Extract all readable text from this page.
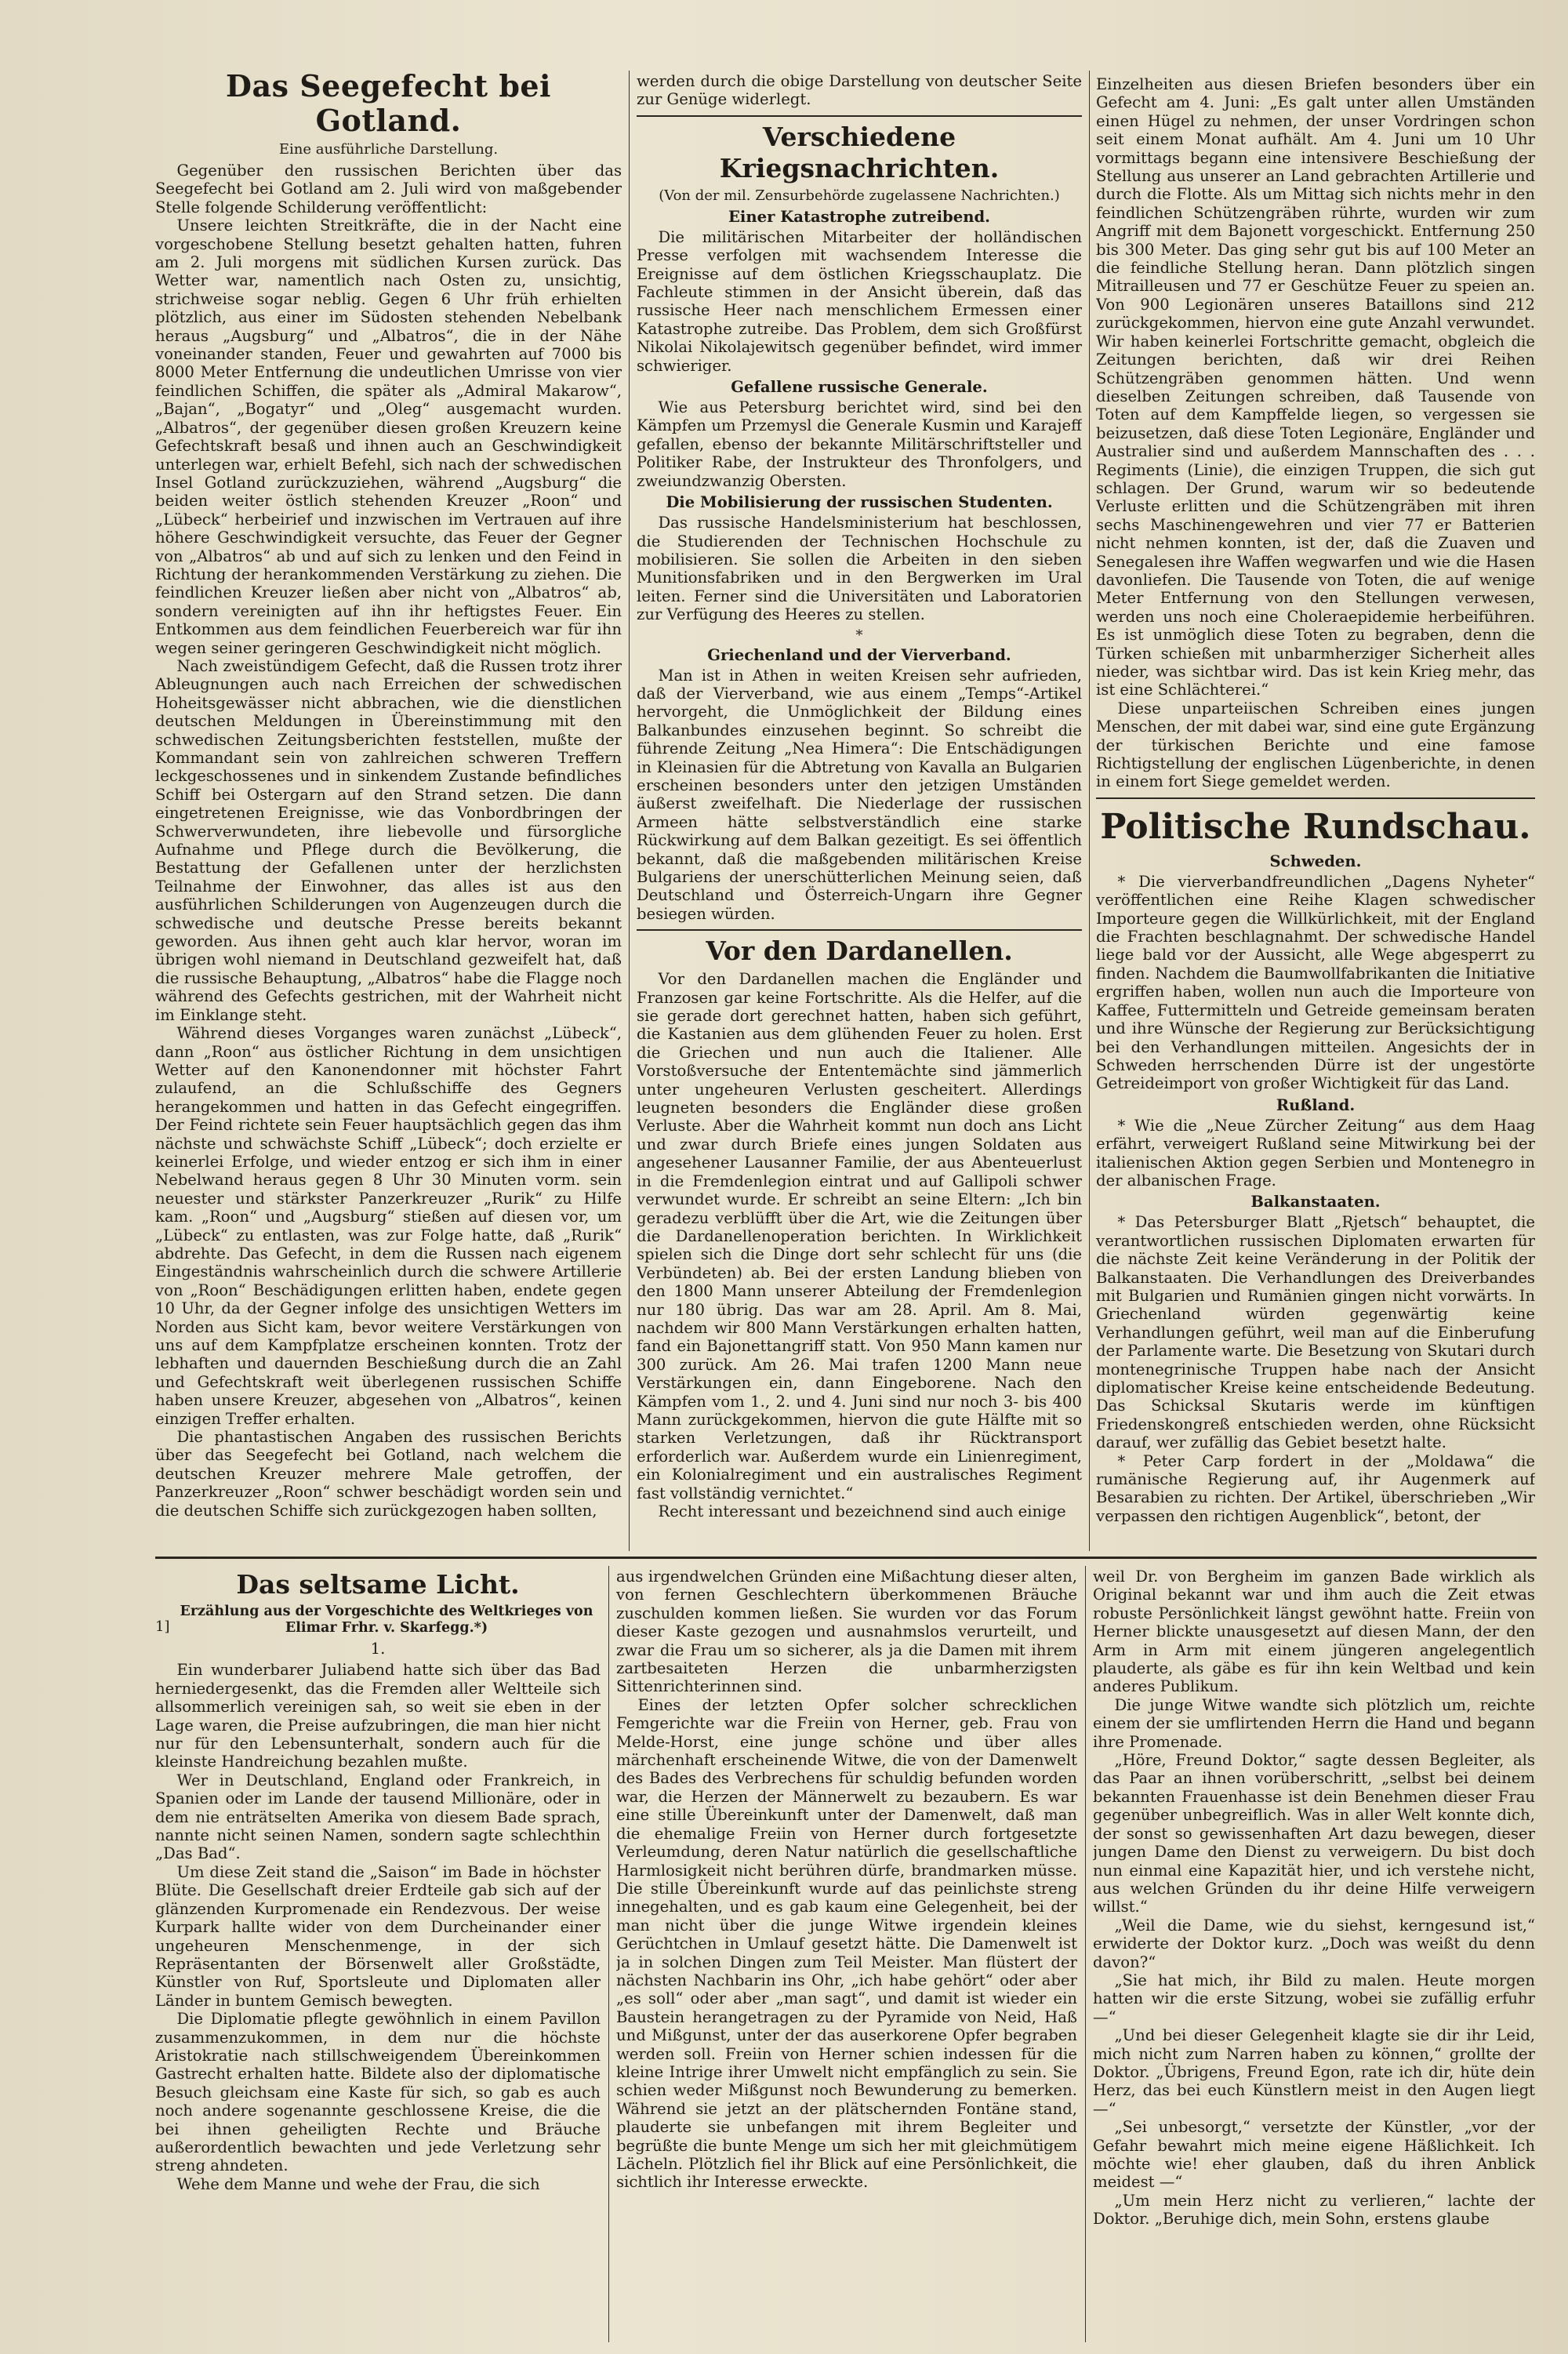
Das Seegefecht bei Gotland.
Eine ausführliche Darstellung.

Gegenüber den russischen Berichten über das Seegefecht bei Gotland am 2. Juli wird von maßgebender Stelle folgende Schilderung veröffentlicht:

Unsere leichten Streitkräfte, die in der Nacht eine vorgeschobene Stellung besetzt gehalten hatten, fuhren am 2. Juli morgens mit südlichen Kursen zurück. Das Wetter war, namentlich nach Osten zu, unsichtig, strichweise sogar neblig. Gegen 6 Uhr früh erhielten plötzlich, aus einer im Südosten stehenden Nebelbank heraus „Augsburg“ und „Albatros“, die in der Nähe voneinander standen, Feuer und gewahrten auf 7000 bis 8000 Meter Entfernung die undeutlichen Umrisse von vier feindlichen Schiffen, die später als „Admiral Makarow“, „Bajan“, „Bogatyr“ und „Oleg“ ausgemacht wurden. „Albatros“, der gegenüber diesen großen Kreuzern keine Gefechtskraft besaß und ihnen auch an Geschwindigkeit unterlegen war, erhielt Befehl, sich nach der schwedischen Insel Gotland zurückzuziehen, während „Augsburg“ die beiden weiter östlich stehenden Kreuzer „Roon“ und „Lübeck“ herbeirief und inzwischen im Vertrauen auf ihre höhere Geschwindigkeit versuchte, das Feuer der Gegner von „Albatros“ ab und auf sich zu lenken und den Feind in Richtung der herankommenden Verstärkung zu ziehen. Die feindlichen Kreuzer ließen aber nicht von „Albatros“ ab, sondern vereinigten auf ihn ihr heftigstes Feuer. Ein Entkommen aus dem feindlichen Feuerbereich war für ihn wegen seiner geringeren Geschwindigkeit nicht möglich.

Nach zweistündigem Gefecht, daß die Russen trotz ihrer Ableugnungen auch nach Erreichen der schwedischen Hoheitsgewässer nicht abbrachen, wie die dienstlichen deutschen Meldungen in Übereinstimmung mit den schwedischen Zeitungsberichten feststellen, mußte der Kommandant sein von zahlreichen schweren Treffern leckgeschossenes und in sinkendem Zustande befindliches Schiff bei Ostergarn auf den Strand setzen. Die dann eingetretenen Ereignisse, wie das Vonbordbringen der Schwerverwundeten, ihre liebevolle und fürsorgliche Aufnahme und Pflege durch die Bevölkerung, die Bestattung der Gefallenen unter der herzlichsten Teilnahme der Einwohner, das alles ist aus den ausführlichen Schilderungen von Augenzeugen durch die schwedische und deutsche Presse bereits bekannt geworden. Aus ihnen geht auch klar hervor, woran im übrigen wohl niemand in Deutschland gezweifelt hat, daß die russische Behauptung, „Albatros“ habe die Flagge noch während des Gefechts gestrichen, mit der Wahrheit nicht im Einklange steht.

Während dieses Vorganges waren zunächst „Lübeck“, dann „Roon“ aus östlicher Richtung in dem unsichtigen Wetter auf den Kanonendonner mit höchster Fahrt zulaufend, an die Schlußschiffe des Gegners herangekommen und hatten in das Gefecht eingegriffen. Der Feind richtete sein Feuer hauptsächlich gegen das ihm nächste und schwächste Schiff „Lübeck“; doch erzielte er keinerlei Erfolge, und wieder entzog er sich ihm in einer Nebelwand heraus gegen 8 Uhr 30 Minuten vorm. sein neuester und stärkster Panzerkreuzer „Rurik“ zu Hilfe kam. „Roon“ und „Augsburg“ stießen auf diesen vor, um „Lübeck“ zu entlasten, was zur Folge hatte, daß „Rurik“ abdrehte. Das Gefecht, in dem die Russen nach eigenem Eingeständnis wahrscheinlich durch die schwere Artillerie von „Roon“ Beschädigungen erlitten haben, endete gegen 10 Uhr, da der Gegner infolge des unsichtigen Wetters im Norden aus Sicht kam, bevor weitere Verstärkungen von uns auf dem Kampfplatze erscheinen konnten. Trotz der lebhaften und dauernden Beschießung durch die an Zahl und Gefechtskraft weit überlegenen russischen Schiffe haben unsere Kreuzer, abgesehen von „Albatros“, keinen einzigen Treffer erhalten.

Die phantastischen Angaben des russischen Berichts über das Seegefecht bei Gotland, nach welchem die deutschen Kreuzer mehrere Male getroffen, der Panzerkreuzer „Roon“ schwer beschädigt worden sein und die deutschen Schiffe sich zurückgezogen haben sollten,

werden durch die obige Darstellung von deutscher Seite zur Genüge widerlegt.

Verschiedene Kriegsnachrichten.
(Von der mil. Zensurbehörde zugelassene Nachrichten.)
Einer Katastrophe zutreibend.

Die militärischen Mitarbeiter der holländischen Presse verfolgen mit wachsendem Interesse die Ereignisse auf dem östlichen Kriegsschauplatz. Die Fachleute stimmen in der Ansicht überein, daß das russische Heer nach menschlichem Ermessen einer Katastrophe zutreibe. Das Problem, dem sich Großfürst Nikolai Nikolajewitsch gegenüber befindet, wird immer schwieriger.

Gefallene russische Generale.

Wie aus Petersburg berichtet wird, sind bei den Kämpfen um Przemysl die Generale Kusmin und Karajeff gefallen, ebenso der bekannte Militärschriftsteller und Politiker Rabe, der Instrukteur des Thronfolgers, und zweiundzwanzig Obersten.

Die Mobilisierung der russischen Studenten.

Das russische Handelsministerium hat beschlossen, die Studierenden der Technischen Hochschule zu mobilisieren. Sie sollen die Arbeiten in den sieben Munitionsfabriken und in den Bergwerken im Ural leiten. Ferner sind die Universitäten und Laboratorien zur Verfügung des Heeres zu stellen.

*
Griechenland und der Vierverband.

Man ist in Athen in weiten Kreisen sehr aufrieden, daß der Vierverband, wie aus einem „Temps“-Artikel hervorgeht, die Unmöglichkeit der Bildung eines Balkanbundes einzusehen beginnt. So schreibt die führende Zeitung „Nea Himera“: Die Entschädigungen in Kleinasien für die Abtretung von Kavalla an Bulgarien erscheinen besonders unter den jetzigen Umständen äußerst zweifelhaft. Die Niederlage der russischen Armeen hätte selbstverständlich eine starke Rückwirkung auf dem Balkan gezeitigt. Es sei öffentlich bekannt, daß die maßgebenden militärischen Kreise Bulgariens der unerschütterlichen Meinung seien, daß Deutschland und Österreich-Ungarn ihre Gegner besiegen würden.

Vor den Dardanellen.

Vor den Dardanellen machen die Engländer und Franzosen gar keine Fortschritte. Als die Helfer, auf die sie gerade dort gerechnet hatten, haben sich geführt, die Kastanien aus dem glühenden Feuer zu holen. Erst die Griechen und nun auch die Italiener. Alle Vorstoßversuche der Ententemächte sind jämmerlich unter ungeheuren Verlusten gescheitert. Allerdings leugneten besonders die Engländer diese großen Verluste. Aber die Wahrheit kommt nun doch ans Licht und zwar durch Briefe eines jungen Soldaten aus angesehener Lausanner Familie, der aus Abenteuerlust in die Fremdenlegion eintrat und auf Gallipoli schwer verwundet wurde. Er schreibt an seine Eltern: „Ich bin geradezu verblüfft über die Art, wie die Zeitungen über die Dardanellenoperation berichten. In Wirklichkeit spielen sich die Dinge dort sehr schlecht für uns (die Verbündeten) ab. Bei der ersten Landung blieben von den 1800 Mann unserer Abteilung der Fremdenlegion nur 180 übrig. Das war am 28. April. Am 8. Mai, nachdem wir 800 Mann Verstärkungen erhalten hatten, fand ein Bajonettangriff statt. Von 950 Mann kamen nur 300 zurück. Am 26. Mai trafen 1200 Mann neue Verstärkungen ein, dann Eingeborene. Nach den Kämpfen vom 1., 2. und 4. Juni sind nur noch 3- bis 400 Mann zurückgekommen, hiervon die gute Hälfte mit so starken Verletzungen, daß ihr Rücktransport erforderlich war. Außerdem wurde ein Linienregiment, ein Kolonialregiment und ein australisches Regiment fast vollständig vernichtet.“

Recht interessant und bezeichnend sind auch einige

Einzelheiten aus diesen Briefen besonders über ein Gefecht am 4. Juni: „Es galt unter allen Umständen einen Hügel zu nehmen, der unser Vordringen schon seit einem Monat aufhält. Am 4. Juni um 10 Uhr vormittags begann eine intensivere Beschießung der Stellung aus unserer an Land gebrachten Artillerie und durch die Flotte. Als um Mittag sich nichts mehr in den feindlichen Schützengräben rührte, wurden wir zum Angriff mit dem Bajonett vorgeschickt. Entfernung 250 bis 300 Meter. Das ging sehr gut bis auf 100 Meter an die feindliche Stellung heran. Dann plötzlich singen Mitrailleusen und 77 er Geschütze Feuer zu speien an. Von 900 Legionären unseres Bataillons sind 212 zurückgekommen, hiervon eine gute Anzahl verwundet. Wir haben keinerlei Fortschritte gemacht, obgleich die Zeitungen berichten, daß wir drei Reihen Schützengräben genommen hätten. Und wenn dieselben Zeitungen schreiben, daß Tausende von Toten auf dem Kampffelde liegen, so vergessen sie beizusetzen, daß diese Toten Legionäre, Engländer und Australier sind und außerdem Mannschaften des . . . Regiments (Linie), die einzigen Truppen, die sich gut schlagen. Der Grund, warum wir so bedeutende Verluste erlitten und die Schützengräben mit ihren sechs Maschinengewehren und vier 77 er Batterien nicht nehmen konnten, ist der, daß die Zuaven und Senegalesen ihre Waffen wegwarfen und wie die Hasen davonliefen. Die Tausende von Toten, die auf wenige Meter Entfernung von den Stellungen verwesen, werden uns noch eine Choleraepidemie herbeiführen. Es ist unmöglich diese Toten zu begraben, denn die Türken schießen mit unbarmherziger Sicherheit alles nieder, was sichtbar wird. Das ist kein Krieg mehr, das ist eine Schlächterei.“

Diese unparteiischen Schreiben eines jungen Menschen, der mit dabei war, sind eine gute Ergänzung der türkischen Berichte und eine famose Richtigstellung der englischen Lügenberichte, in denen in einem fort Siege gemeldet werden.

Politische Rundschau.
Schweden.

* Die vierverbandfreundlichen „Dagens Nyheter“ veröffentlichen eine Reihe Klagen schwedischer Importeure gegen die Willkürlichkeit, mit der England die Frachten beschlagnahmt. Der schwedische Handel liege bald vor der Aussicht, alle Wege abgesperrt zu finden. Nachdem die Baumwollfabrikanten die Initiative ergriffen haben, wollen nun auch die Importeure von Kaffee, Futtermitteln und Getreide gemeinsam beraten und ihre Wünsche der Regierung zur Berücksichtigung bei den Verhandlungen mitteilen. Angesichts der in Schweden herrschenden Dürre ist der ungestörte Getreideimport von großer Wichtigkeit für das Land.

Rußland.

* Wie die „Neue Zürcher Zeitung“ aus dem Haag erfährt, verweigert Rußland seine Mitwirkung bei der italienischen Aktion gegen Serbien und Montenegro in der albanischen Frage.

Balkanstaaten.

* Das Petersburger Blatt „Rjetsch“ behauptet, die verantwortlichen russischen Diplomaten erwarten für die nächste Zeit keine Veränderung in der Politik der Balkanstaaten. Die Verhandlungen des Dreiverbandes mit Bulgarien und Rumänien gingen nicht vorwärts. In Griechenland würden gegenwärtig keine Verhandlungen geführt, weil man auf die Einberufung der Parlamente warte. Die Besetzung von Skutari durch montenegrinische Truppen habe nach der Ansicht diplomatischer Kreise keine entscheidende Bedeutung. Das Schicksal Skutaris werde im künftigen Friedenskongreß entschieden werden, ohne Rücksicht darauf, wer zufällig das Gebiet besetzt halte.

* Peter Carp fordert in der „Moldawa“ die rumänische Regierung auf, ihr Augenmerk auf Besarabien zu richten. Der Artikel, überschrieben „Wir verpassen den richtigen Augenblick“, betont, der

Das seltsame Licht.
1]
Erzählung aus der Vorgeschichte des Weltkrieges von Elimar Frhr. v. Skarfegg.*)
1.

Ein wunderbarer Juliabend hatte sich über das Bad herniedergesenkt, das die Fremden aller Weltteile sich allsommerlich vereinigen sah, so weit sie eben in der Lage waren, die Preise aufzubringen, die man hier nicht nur für den Lebensunterhalt, sondern auch für die kleinste Handreichung bezahlen mußte.

Wer in Deutschland, England oder Frankreich, in Spanien oder im Lande der tausend Millionäre, oder in dem nie enträtselten Amerika von diesem Bade sprach, nannte nicht seinen Namen, sondern sagte schlechthin „Das Bad“.

Um diese Zeit stand die „Saison“ im Bade in höchster Blüte. Die Gesellschaft dreier Erdteile gab sich auf der glänzenden Kurpromenade ein Rendezvous. Der weise Kurpark hallte wider von dem Durcheinander einer ungeheuren Menschenmenge, in der sich Repräsentanten der Börsenwelt aller Großstädte, Künstler von Ruf, Sportsleute und Diplomaten aller Länder in buntem Gemisch bewegten.

Die Diplomatie pflegte gewöhnlich in einem Pavillon zusammenzukommen, in dem nur die höchste Aristokratie nach stillschweigendem Übereinkommen Gastrecht erhalten hatte. Bildete also der diplomatische Besuch gleichsam eine Kaste für sich, so gab es auch noch andere sogenannte geschlossene Kreise, die die bei ihnen geheiligten Rechte und Bräuche außerordentlich bewachten und jede Verletzung sehr streng ahndeten.

Wehe dem Manne und wehe der Frau, die sich

aus irgendwelchen Gründen eine Mißachtung dieser alten, von fernen Geschlechtern überkommenen Bräuche zuschulden kommen ließen. Sie wurden vor das Forum dieser Kaste gezogen und ausnahmslos verurteilt, und zwar die Frau um so sicherer, als ja die Damen mit ihrem zartbesaiteten Herzen die unbarmherzigsten Sittenrichterinnen sind.

Eines der letzten Opfer solcher schrecklichen Femgerichte war die Freiin von Herner, geb. Frau von Melde-Horst, eine junge schöne und über alles märchenhaft erscheinende Witwe, die von der Damenwelt des Bades des Verbrechens für schuldig befunden worden war, die Herzen der Männerwelt zu bezaubern. Es war eine stille Übereinkunft unter der Damenwelt, daß man die ehemalige Freiin von Herner durch fortgesetzte Verleumdung, deren Natur natürlich die gesellschaftliche Harmlosigkeit nicht berühren dürfe, brandmarken müsse. Die stille Übereinkunft wurde auf das peinlichste streng innegehalten, und es gab kaum eine Gelegenheit, bei der man nicht über die junge Witwe irgendein kleines Gerüchtchen in Umlauf gesetzt hätte. Die Damenwelt ist ja in solchen Dingen zum Teil Meister. Man flüstert der nächsten Nachbarin ins Ohr, „ich habe gehört“ oder aber „es soll“ oder aber „man sagt“, und damit ist wieder ein Baustein herangetragen zu der Pyramide von Neid, Haß und Mißgunst, unter der das auserkorene Opfer begraben werden soll. Freiin von Herner schien indessen für die kleine Intrige ihrer Umwelt nicht empfänglich zu sein. Sie schien weder Mißgunst noch Bewunderung zu bemerken. Während sie jetzt an der plätschernden Fontäne stand, plauderte sie unbefangen mit ihrem Begleiter und begrüßte die bunte Menge um sich her mit gleichmütigem Lächeln. Plötzlich fiel ihr Blick auf eine Persönlichkeit, die sichtlich ihr Interesse erweckte.

weil Dr. von Bergheim im ganzen Bade wirklich als Original bekannt war und ihm auch die Zeit etwas robuste Persönlichkeit längst gewöhnt hatte. Freiin von Herner blickte unausgesetzt auf diesen Mann, der den Arm in Arm mit einem jüngeren angelegentlich plauderte, als gäbe es für ihn kein Weltbad und kein anderes Publikum.

Die junge Witwe wandte sich plötzlich um, reichte einem der sie umflirtenden Herrn die Hand und begann ihre Promenade.

„Höre, Freund Doktor,“ sagte dessen Begleiter, als das Paar an ihnen vorüberschritt, „selbst bei deinem bekannten Frauenhasse ist dein Benehmen dieser Frau gegenüber unbegreiflich. Was in aller Welt konnte dich, der sonst so gewissenhaften Art dazu bewegen, dieser jungen Dame den Dienst zu verweigern. Du bist doch nun einmal eine Kapazität hier, und ich verstehe nicht, aus welchen Gründen du ihr deine Hilfe verweigern willst.“

„Weil die Dame, wie du siehst, kerngesund ist,“ erwiderte der Doktor kurz. „Doch was weißt du denn davon?“

„Sie hat mich, ihr Bild zu malen. Heute morgen hatten wir die erste Sitzung, wobei sie zufällig erfuhr —“

„Und bei dieser Gelegenheit klagte sie dir ihr Leid, mich nicht zum Narren haben zu können,“ grollte der Doktor. „Übrigens, Freund Egon, rate ich dir, hüte dein Herz, das bei euch Künstlern meist in den Augen liegt —“

„Sei unbesorgt,“ versetzte der Künstler, „vor der Gefahr bewahrt mich meine eigene Häßlichkeit. Ich möchte wie! eher glauben, daß du ihren Anblick meidest —“

„Um mein Herz nicht zu verlieren,“ lachte der Doktor. „Beruhige dich, mein Sohn, erstens glaube
